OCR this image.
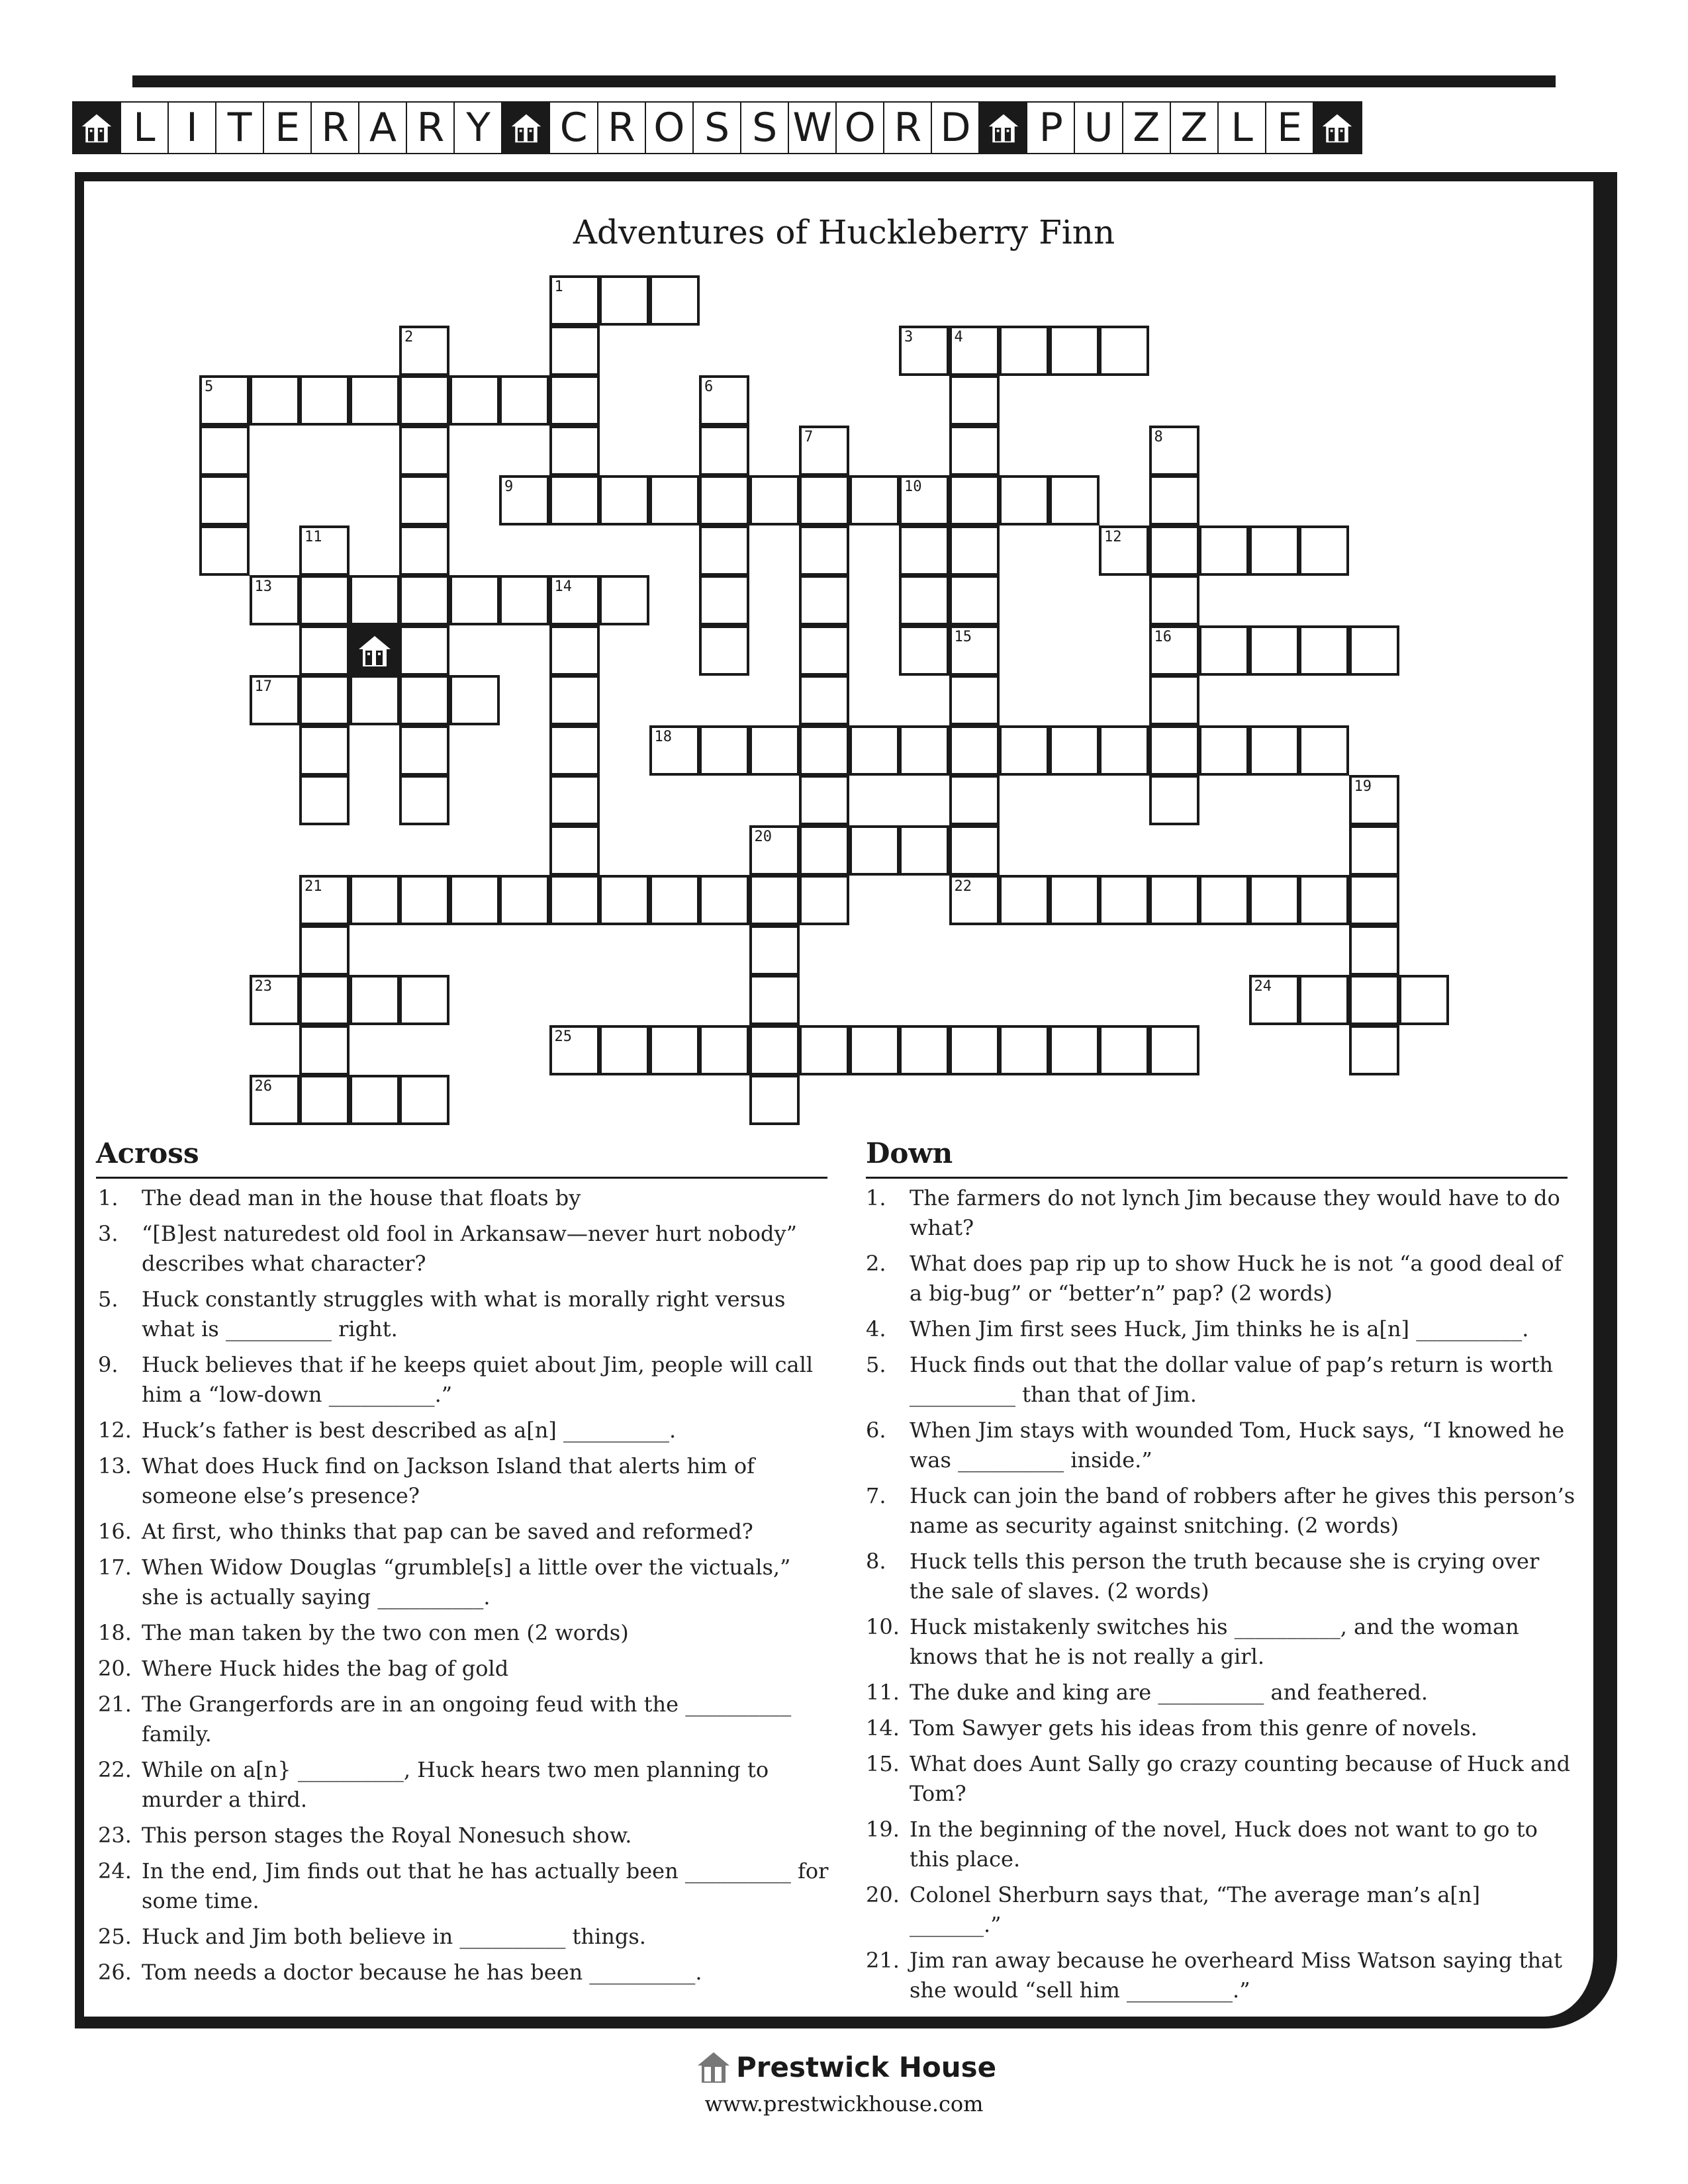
L I T E R A R Y C R O S S W O R D P U Z Z L E
Adventures of Huckleberry Finn
1
2	3	4
5	6
7	8
16
9	10
11	12
13	14
15
17
18
19
20
21	22
23	24
25
26
Across
1. The dead man in the house that floats by
3. “[B]est naturedest old fool in Arkansaw—never hurt nobody” describes what character?
5. Huck constantly struggles with what is morally right versus what is __________ right.
9. Huck believes that if he keeps quiet about Jim, people will call him a “low-down __________.”
12. Huck’s father is best described as a[n] __________.
13. What does Huck find on Jackson Island that alerts him of someone else’s presence?
16. At first, who thinks that pap can be saved and reformed?
17. When Widow Douglas “grumble[s] a little over the victuals,” she is actually saying __________.
18. The man taken by the two con men (2 words)
20. Where Huck hides the bag of gold
21. The Grangerfords are in an ongoing feud with the __________ family.
22. While on a[n} __________, Huck hears two men planning to murder a third.
23. This person stages the Royal Nonesuch show.
24. In the end, Jim finds out that he has actually been __________ for some time.
25. Huck and Jim both believe in __________ things.
26. Tom needs a doctor because he has been __________.
Down
1. The farmers do not lynch Jim because they would have to do what?
2. What does pap rip up to show Huck he is not “a good deal of a big-bug” or “better’n” pap? (2 words)
4. When Jim first sees Huck, Jim thinks he is a[n] __________.
5. Huck finds out that the dollar value of pap’s return is worth __________ than that of Jim.
6. When Jim stays with wounded Tom, Huck says, “I knowed he was __________ inside.”
7. Huck can join the band of robbers after he gives this person’s name as security against snitching. (2 words)
8. Huck tells this person the truth because she is crying over the sale of slaves. (2 words)
10. Huck mistakenly switches his __________, and the woman knows that he is not really a girl.
11. The duke and king are __________ and feathered.
14. Tom Sawyer gets his ideas from this genre of novels.
15. What does Aunt Sally go crazy counting because of Huck and Tom?
19. In the beginning of the novel, Huck does not want to go to this place.
20. Colonel Sherburn says that, “The average man’s a[n] _______.”
21. Jim ran away because he overheard Miss Watson saying that she would “sell him __________.”
Prestwick House
www.prestwickhouse.com
